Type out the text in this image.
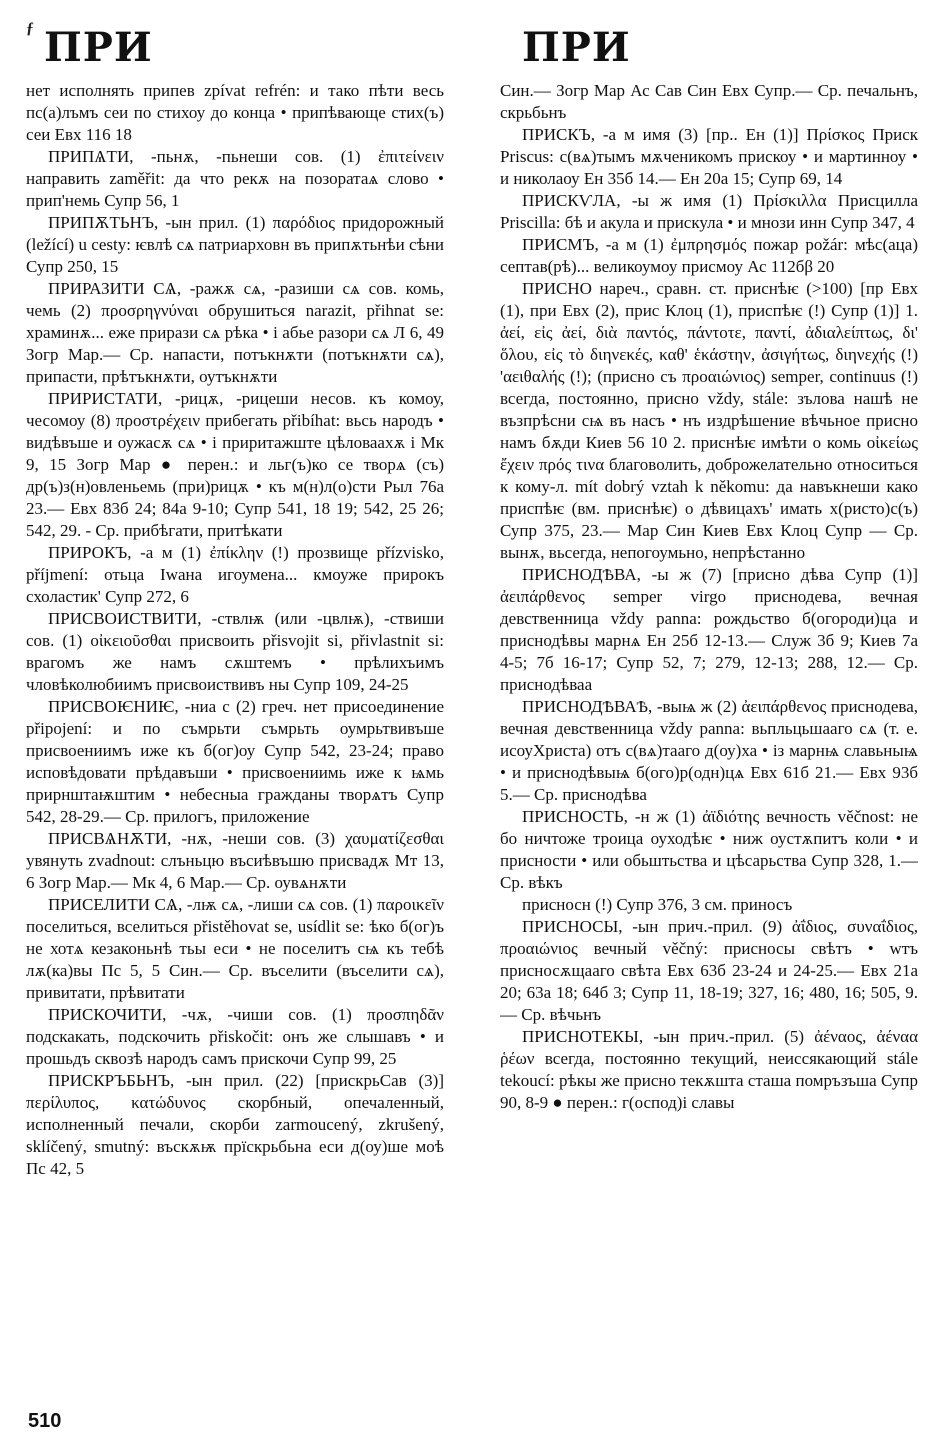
ƒ ПРИ	ПРИ

нет исполнять припев zpívat refrén: и тако пѣти весь пс(а)лъмъ сеи по стихоу до конца • припѣвающе стих(ъ) сеи Евх 116 18

ПРИПѦТИ, -пьнѫ, -пьнеши сов. (1) ἐπιτείνειν направить zaměřit: да что рекѫ на позоратаѧ слово • прип'немь Супр 56, 1

ПРИПѪТЬНЪ, -ын прил. (1) παρόδιος придорожный (ležící) u cesty: ѥвлѣ сѧ патриарховн въ припѫтьнѣи сѣни Супр 250, 15

ПРИРАЗИТИ СѦ, -ражѫ сѧ, -разиши сѧ сов. комь, чемь (2) προσρηγνύναι обрушиться narazit, přihnat se: храминѫ... еже прирази сѧ рѣка • і абье разори сѧ Л 6, 49 Зогр Мар.— Ср. напасти, потъкнѫти (потъкнѫти сѧ), припасти, прѣтъкнѫти, оутъкнѫти

ПРИРИСТАТИ, -рицѫ, -рицеши несов. къ комоу, чесомоу (8) προστρέχειν прибегать přibíhat: вьсь народъ • видѣвъше и оужасѫ сѧ • і приритажште цѣловаахѫ і Мк 9, 15 Зогр Мар ● перен.: и льг(ъ)ко се творѧ (съ) др(ъ)з(н)овленьемь (при)рицѫ • къ м(н)л(о)сти Рыл 76а 23.— Евх 83б 24; 84а 9-10; Супр 541, 18 19; 542, 25 26; 542, 29. - Ср. прибѣгати, притѣкати

ПРИРОКЪ, -а м (1) ἐπίκλην (!) прозвище přízvisko, příjmení: отьца Іwана игоумена... кмоуже прирокъ схоластик' Супр 272, 6

ПРИСВОИСТВИТИ, -ствлѭ (или -цвлѭ), -ствиши сов. (1) οἰκειοῦσθαι присвоить přisvojit si, přivlastnit si: врагомъ же намъ сѫштемъ • прѣлихъимъ чловѣколюбиимъ присвоиствивъ ны Супр 109, 24-25

ПРИСВОѤНИѤ, -ниа с (2) греч. нет присоединение připojení: и по съмрьти съмрьть оумрьтвивъше присвоениимъ иже къ б(ог)оу Супр 542, 23-24; право исповѣдовати прѣдавъши • присвоениимь иже к ѩмь прирнштаѭштим • небесныа гражданы творѧтъ Супр 542, 28-29.— Ср. прилогъ, приложение

ПРИСВѦНѪТИ, -нѫ, -неши сов. (3) χαυματίζεσθαι увянуть zvadnout: слъньцю въсиѣвъшю присвадѫ Мт 13, 6 Зогр Мар.— Мк 4, 6 Мар.— Ср. оувѧнѫти

ПРИСЕЛИТИ СѦ, -лѭ сѧ, -лиши сѧ сов. (1) παροικεῖν поселиться, вселиться přistěhovat se, usídlit se: ѣко б(ог)ъ не хотѧ кезаконьнѣ тьы еси • не поселитъ сѩ къ тебѣ лѫ(ка)вы Пс 5, 5 Син.— Ср. въселити (въселити сѧ), привитати, прѣвитати

ПРИСКОЧИТИ, -чѫ, -чиши сов. (1) προσπηδᾶν подскакать, подскочить přiskočit: онъ же слышавъ • и прошьдъ сквозѣ народъ самъ прискочи Супр 99, 25

ПРИСКРЪБЬНЪ, -ын прил. (22) [прискрьСав (3)] περίλυπος, κατώδυνος скорбный, опечаленный, исполненный печали, скорби zarmoucený, zkrušený, sklíčený, smutný: въскѫѭ прїскрьбьна еси д(оу)ше моѣ Пс 42, 5

Син.— Зогр Мар Ас Сав Син Евх Супр.— Ср. печальнъ, скрьбьнъ

ПРИСКЪ, -а м имя (3) [пр.. Ен (1)] Πρίσκος Приск Priscus: с(вѧ)тымъ мѫченикомъ прискоу • и мартинноу • и николаоу Ен 35б 14.— Ен 20а 15; Супр 69, 14

ПРИСКѴЛА, -ы ж имя (1) Πρίσκιλλα Присцилла Priscilla: бѣ и акула и прискула • и мнози инн Супр 347, 4

ПРИСМЪ, -а м (1) ἐμπρησμός пожар požár: мѣс(аца) септав(рѣ)... великоумоу присмоу Ас 112бβ 20

ПРИСНО нареч., сравн. ст. приснѣѥ (>100) [пр Евх (1), при Евх (2), прис Клоц (1), приспѣѥ (!) Супр (1)] 1. ἀεί, εἰς ἀεί, διὰ παντός, πάντοτε, παντί, ἀδιαλείπτως, δι' ὅλου, εἰς τὸ διηνεκές, καθ' ἑκάστην, ἀσιγήτως, διηνεχής (!) 'αειθαλής (!); (присно съ προαιώνιος) semper, continuus (!) всегда, постоянно, присно vždy, stále: зълова нашѣ не възпрѣсни сѩ въ насъ • нъ издрѣшение вѣчьное присно намъ бѫди Киев 56 10 2. приснѣѥ имѣти о комь οἰκείως ἔχειν πρός τινα благоволить, доброжелательно относиться к кому-л. mít dobrý vztah k někomu: да навъкнеши како приспѣѥ (вм. приснѣѥ) о дѣвицахъ' имать х(ристо)с(ъ) Супр 375, 23.— Мар Син Киев Евх Клоц Супр — Ср. вынѫ, вьсегда, непогоумьно, непрѣстанно

ПРИСНОДѢВА, -ы ж (7) [присно дѣва Супр (1)] ἀειπάρθενος semper virgo приснодева, вечная девственница vždy panna: рождьство б(огороди)ца и приснодѣвы марнѧ Ен 25б 12-13.— Служ 3б 9; Киев 7а 4-5; 7б 16-17; Супр 52, 7; 279, 12-13; 288, 12.— Ср. приснодѣваа

ПРИСНОДѢВАѢ, -выѩ ж (2) ἀειπάρθενος приснодева, вечная девственница vždy panna: вьпльцьшааго сѧ (т. е. исоуХриста) отъ с(вѧ)тааго д(оу)ха • із марнѩ славьныѩ • и приснодѣвыѩ б(ого)р(одн)цѧ Евх 61б 21.— Евх 93б 5.— Ср. приснодѣва

ПРИСНОСТЬ, -н ж (1) ἀϊδιότης вечность věčnost: не бо ничтоже троица оуходѣѥ • ниж оустѫпитъ коли • и присности • или обьштьства и цѣсарьства Супр 328, 1.— Ср. вѣкъ

присносн (!) Супр 376, 3 см. приносъ

ПРИСНОСЫ, -ын прич.-прил. (9) ἀΐδιος, συναΐδιος, προαιώνιος вечный věčný: присносы свѣтъ • wтъ присносѫщааго свѣта Евх 63б 23-24 и 24-25.— Евх 21а 20; 63а 18; 64б 3; Супр 11, 18-19; 327, 16; 480, 16; 505, 9.— Ср. вѣчьнъ

ПРИСНОТЕКЫ, -ын прич.-прил. (5) ἀέναος, ἀέναα ῥέων всегда, постоянно текущий, неиссякающий stále tekoucí: рѣкы же присно текѫшта сташа помръзъша Супр 90, 8-9 ● перен.: г(оспод)і славы

510
